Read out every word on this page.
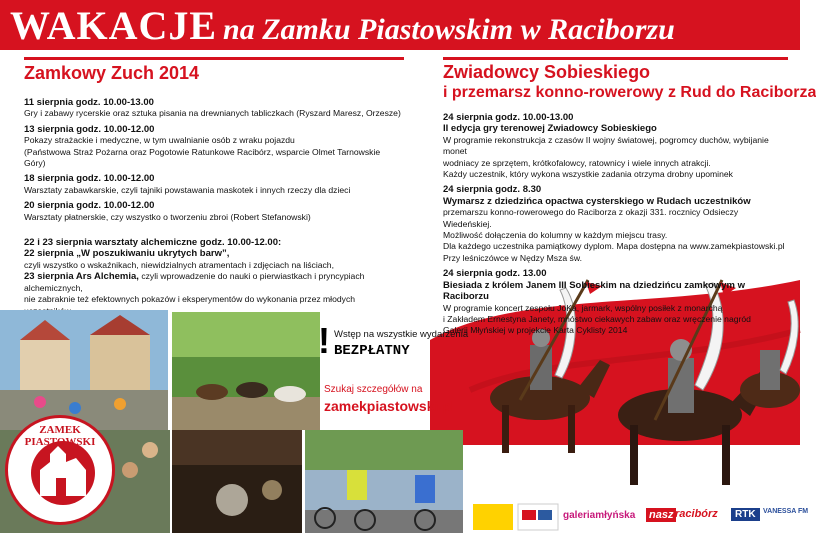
WAKACJE na Zamku Piastowskim w Raciborzu
Zamkowy Zuch 2014

11 sierpnia godz. 10.00-13.00

Gry i zabawy rycerskie oraz sztuka pisania na drewnianych tabliczkach (Ryszard Maresz, Orzesze)

13 sierpnia godz. 10.00-12.00

Pokazy strażackie i medyczne, w tym uwalnianie osób z wraku pojazdu

(Państwowa Straż Pożarna oraz Pogotowie Ratunkowe Racibórz, wsparcie Olmet Tarnowskie Góry)

18 sierpnia godz. 10.00-12.00

Warsztaty zabawkarskie, czyli tajniki powstawania maskotek i innych rzeczy dla dzieci

20 sierpnia godz. 10.00-12.00

Warsztaty płatnerskie, czy wszystko o tworzeniu zbroi (Robert Stefanowski)

22 i 23 sierpnia warsztaty alchemiczne godz. 10.00-12.00:

22 sierpnia „W poszukiwaniu ukrytych barw”,

czyli wszystko o wskaźnikach, niewidzialnych atramentach i zdjęciach na liściach,

23 sierpnia Ars Alchemia, czyli wprowadzenie do nauki o pierwiastkach i pryncypiach alchemicznych,

nie zabraknie też efektownych pokazów i eksperymentów do wykonania przez młodych

Zwiadowcy Sobieskiego
i przemarsz konno-rowerowy z Rud do Raciborza

24 sierpnia godz. 10.00-13.00

II edycja gry terenowej Zwiadowcy Sobieskiego

W programie rekonstrukcja z czasów II wojny światowej, pogromcy duchów, wybijanie monet

wodniacy ze sprzętem, krótkofalowcy, ratownicy i wiele innych atrakcji.

Każdy uczestnik, który wykona wszystkie zadania otrzyma drobny upominek

24 sierpnia godz. 8.30

Wymarsz z dziedzińca opactwa cysterskiego w Rudach uczestników

przemarszu konno-rowerowego do Raciborza z okazji 331. rocznicy Odsieczy Wiedeńskiej.

Możliwość dołączenia do kolumny w każdym miejscu trasy.

Dla każdego uczestnika pamiątkowy dyplom. Mapa dostępna na www.zamekpiastowski.pl

Przy leśniczówce w Nędzy Msza św.

24 sierpnia godz. 13.00

Biesiada z królem Janem III Sobieskim na dziedzińcu zamkowym w Raciborzu

W programie koncert zespołu JoKa, jarmark, wspólny posiłek z monarchą

i Zakładem Ernestyna Janety, mnóstwo ciekawych zabaw oraz wręczenie nagród

Galerii Młyńskiej w projekcie Karta Cyklisty 2014

ZAMEK PIASTOWSKI
! Wstęp na wszystkie wydarzenia
BEZPŁATNY
Szukaj szczegółów na
zamekpiastowski.pl
galeriamłyńska nasz racibórz	RTK	VANESSA FM
